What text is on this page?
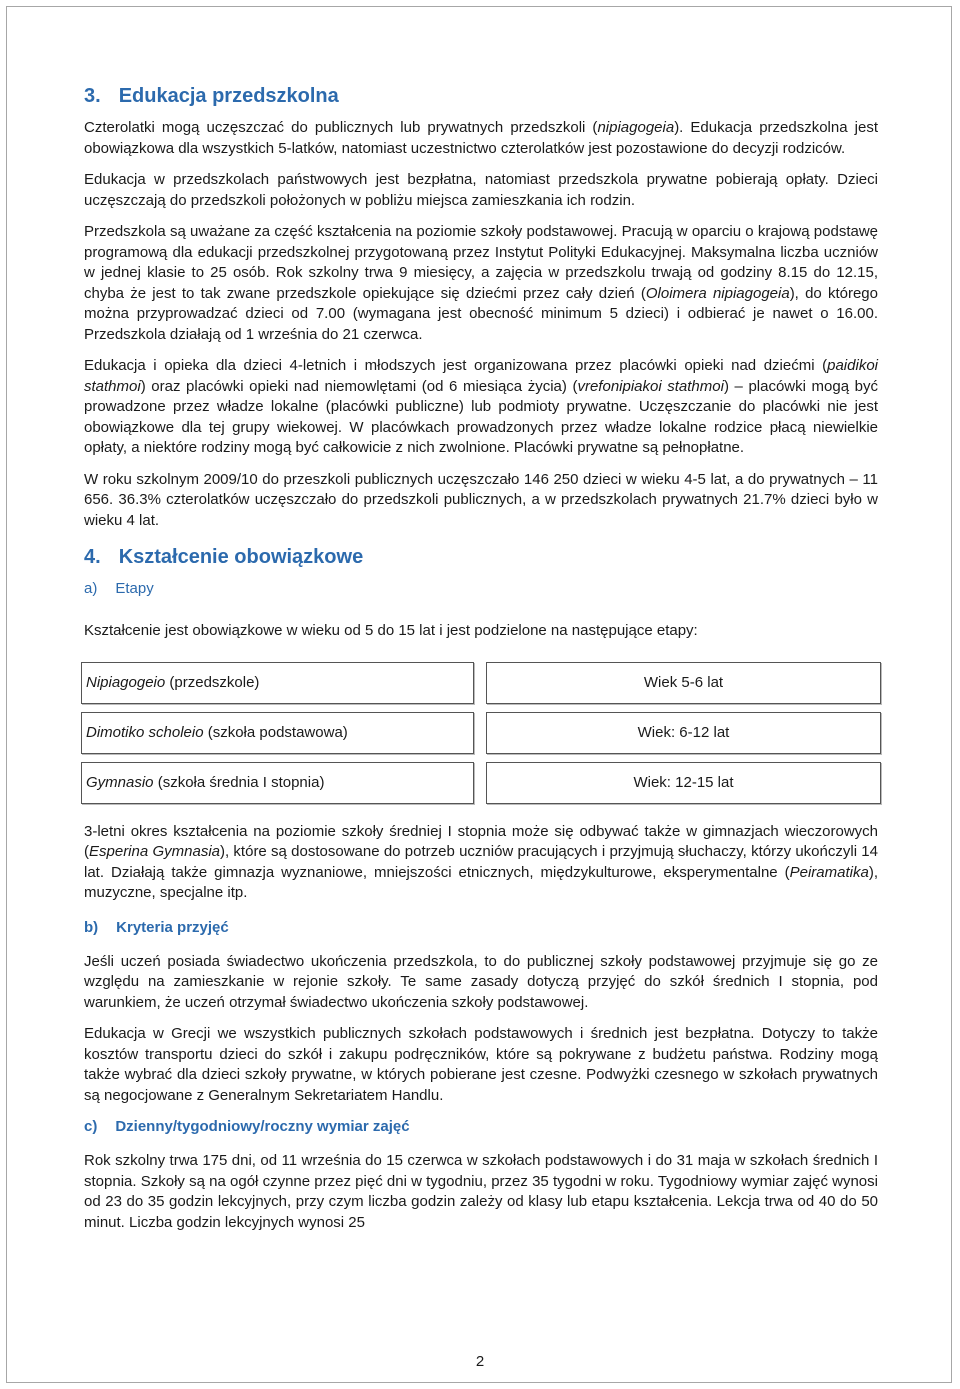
3. Edukacja przedszkolna

Czterolatki mogą uczęszczać do publicznych lub prywatnych przedszkoli (nipiagogeia). Edukacja przedszkolna jest obowiązkowa dla wszystkich 5-latków, natomiast uczestnictwo czterolatków jest pozostawione do decyzji rodziców.

Edukacja w przedszkolach państwowych jest bezpłatna, natomiast przedszkola prywatne pobierają opłaty. Dzieci uczęszczają do przedszkoli położonych w pobliżu miejsca zamieszkania ich rodzin.

Przedszkola są uważane za część kształcenia na poziomie szkoły podstawowej. Pracują w oparciu o krajową podstawę programową dla edukacji przedszkolnej przygotowaną przez Instytut Polityki Edukacyjnej. Maksymalna liczba uczniów w jednej klasie to 25 osób. Rok szkolny trwa 9 miesięcy, a zajęcia w przedszkolu trwają od godziny 8.15 do 12.15, chyba że jest to tak zwane przedszkole opiekujące się dziećmi przez cały dzień (Oloimera nipiagogeia), do którego można przyprowadzać dzieci od 7.00 (wymagana jest obecność minimum 5 dzieci) i odbierać je nawet o 16.00. Przedszkola działają od 1 września do 21 czerwca.

Edukacja i opieka dla dzieci 4-letnich i młodszych jest organizowana przez placówki opieki nad dziećmi (paidikoi stathmoi) oraz placówki opieki nad niemowlętami (od 6 miesiąca życia) (vrefonipiakoi stathmoi) – placówki mogą być prowadzone przez władze lokalne (placówki publiczne) lub podmioty prywatne. Uczęszczanie do placówki nie jest obowiązkowe dla tej grupy wiekowej. W placówkach prowadzonych przez władze lokalne rodzice płacą niewielkie opłaty, a niektóre rodziny mogą być całkowicie z nich zwolnione. Placówki prywatne są pełnopłatne.

W roku szkolnym 2009/10 do przeszkoli publicznych uczęszczało 146 250 dzieci w wieku 4-5 lat, a do prywatnych – 11 656. 36.3% czterolatków uczęszczało do przedszkoli publicznych, a w przedszkolach prywatnych 21.7% dzieci było w wieku 4 lat.

4. Kształcenie obowiązkowe
a) Etapy

Kształcenie jest obowiązkowe w wieku od 5 do 15 lat i jest podzielone na następujące etapy:

Nipiagogeio (przedszkole)	Wiek 5-6 lat
Dimotiko scholeio (szkoła podstawowa)	Wiek: 6-12 lat
Gymnasio (szkoła średnia I stopnia)	Wiek: 12-15 lat

3-letni okres kształcenia na poziomie szkoły średniej I stopnia może się odbywać także w gimnazjach wieczorowych (Esperina Gymnasia), które są dostosowane do potrzeb uczniów pracujących i przyjmują słuchaczy, którzy ukończyli 14 lat. Działają także gimnazja wyznaniowe, mniejszości etnicznych, międzykulturowe, eksperymentalne (Peiramatika), muzyczne, specjalne itp.

b) Kryteria przyjęć

Jeśli uczeń posiada świadectwo ukończenia przedszkola, to do publicznej szkoły podstawowej przyjmuje się go ze względu na zamieszkanie w rejonie szkoły. Te same zasady dotyczą przyjęć do szkół średnich I stopnia, pod warunkiem, że uczeń otrzymał świadectwo ukończenia szkoły podstawowej.

Edukacja w Grecji we wszystkich publicznych szkołach podstawowych i średnich jest bezpłatna. Dotyczy to także kosztów transportu dzieci do szkół i zakupu podręczników, które są pokrywane z budżetu państwa. Rodziny mogą także wybrać dla dzieci szkoły prywatne, w których pobierane jest czesne. Podwyżki czesnego w szkołach prywatnych są negocjowane z Generalnym Sekretariatem Handlu.

c) Dzienny/tygodniowy/roczny wymiar zajęć

Rok szkolny trwa 175 dni, od 11 września do 15 czerwca w szkołach podstawowych i do 31 maja w szkołach średnich I stopnia. Szkoły są na ogół czynne przez pięć dni w tygodniu, przez 35 tygodni w roku. Tygodniowy wymiar zajęć wynosi od 23 do 35 godzin lekcyjnych, przy czym liczba godzin zależy od klasy lub etapu kształcenia. Lekcja trwa od 40 do 50 minut. Liczba godzin lekcyjnych wynosi 25

2
